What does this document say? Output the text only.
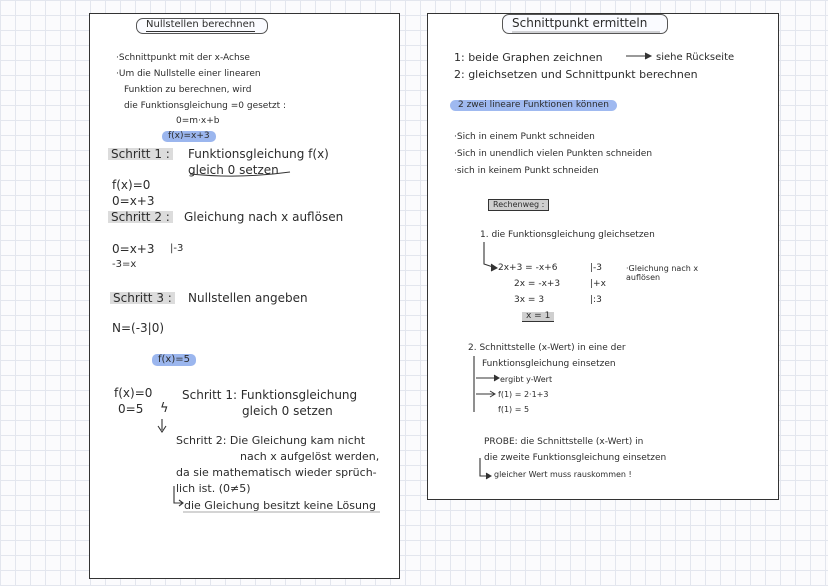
Nullstellen berechnen
·Schnittpunkt mit der x-Achse
·Um die Nullstelle einer linearen
Funktion zu berechnen, wird
die Funktionsgleichung =0 gesetzt :
0=m·x+b
f(x)=x+3
Schritt 1 : Funktionsgleichung f(x)
gleich 0 setzen
f(x)=0
0=x+3
Schritt 2 : Gleichung nach x auflösen
0=x+3 |-3
-3=x
Schritt 3 : Nullstellen angeben
N=(-3|0)
f(x)=5
f(x)=0
0=5 ϟ
Schritt 1: Funktionsgleichung
gleich 0 setzen
Schritt 2: Die Gleichung kam nicht
nach x aufgelöst werden,
da sie mathematisch wieder sprüch-
lich ist. (0≠5)
die Gleichung besitzt keine Lösung
Schnittpunkt ermitteln
1: beide Graphen zeichnen	siehe Rückseite
2: gleichsetzen und Schnittpunkt berechnen
2 zwei lineare Funktionen können
·Sich in einem Punkt schneiden
·Sich in unendlich vielen Punkten schneiden
·sich in keinem Punkt schneiden
Rechenweg :
1. die Funktionsgleichung gleichsetzen
2x+3 = -x+6	|-3
2x = -x+3	|+x
3x = 3	|:3
x = 1
·Gleichung nach x auflösen
2. Schnittstelle (x-Wert) in eine der
Funktionsgleichung einsetzen
ergibt y-Wert
f(1) = 2·1+3
f(1) = 5
PROBE: die Schnittstelle (x-Wert) in
die zweite Funktionsgleichung einsetzen
gleicher Wert muss rauskommen !
